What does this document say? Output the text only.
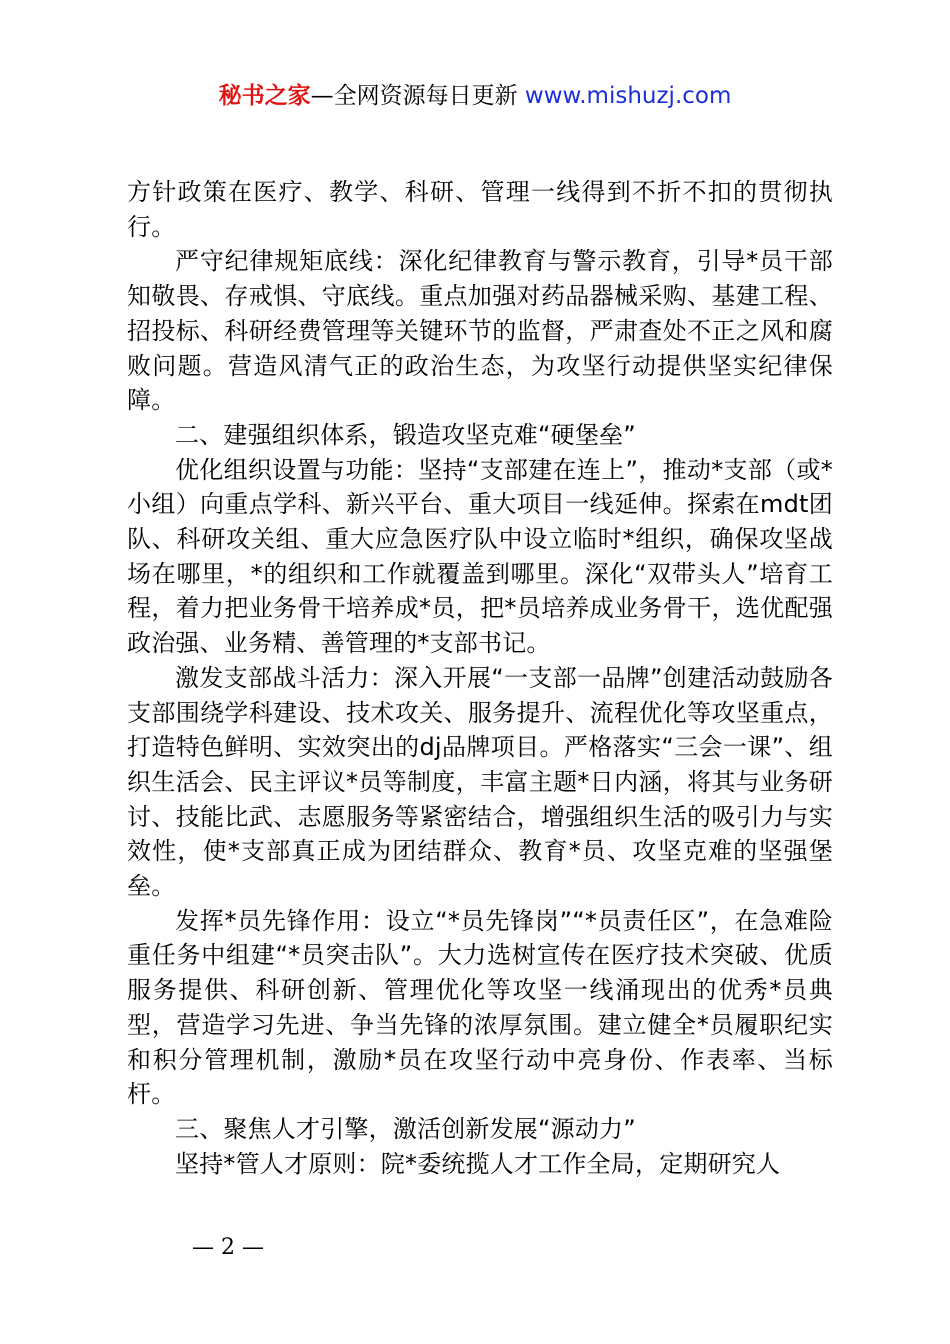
秘书之家—全网资源每日更新 www.mishuzj.com

方针政策在医疗、教学、科研、管理一线得到不折不扣的贯彻执行。

严守纪律规矩底线：深化纪律教育与警示教育，引导*员干部知敬畏、存戒惧、守底线。重点加强对药品器械采购、基建工程、招投标、科研经费管理等关键环节的监督，严肃查处不正之风和腐败问题。营造风清气正的政治生态，为攻坚行动提供坚实纪律保障。

二、建强组织体系，锻造攻坚克难“硬堡垒”

优化组织设置与功能：坚持“支部建在连上”，推动*支部（或*小组）向重点学科、新兴平台、重大项目一线延伸。探索在mdt团队、科研攻关组、重大应急医疗队中设立临时*组织，确保攻坚战场在哪里，*的组织和工作就覆盖到哪里。深化“双带头人”培育工程，着力把业务骨干培养成*员，把*员培养成业务骨干，选优配强政治强、业务精、善管理的*支部书记。

激发支部战斗活力：深入开展“一支部一品牌”创建活动鼓励各支部围绕学科建设、技术攻关、服务提升、流程优化等攻坚重点，打造特色鲜明、实效突出的dj品牌项目。严格落实“三会一课”、组织生活会、民主评议*员等制度，丰富主题*日内涵，将其与业务研讨、技能比武、志愿服务等紧密结合，增强组织生活的吸引力与实效性，使*支部真正成为团结群众、教育*员、攻坚克难的坚强堡垒。

发挥*员先锋作用：设立“*员先锋岗”“*员责任区”，在急难险重任务中组建“*员突击队”。大力选树宣传在医疗技术突破、优质服务提供、科研创新、管理优化等攻坚一线涌现出的优秀*员典型，营造学习先进、争当先锋的浓厚氛围。建立健全*员履职纪实和积分管理机制，激励*员在攻坚行动中亮身份、作表率、当标杆。

三、聚焦人才引擎，激活创新发展“源动力”

坚持*管人才原则：院*委统揽人才工作全局，定期研究人

— 2 —
